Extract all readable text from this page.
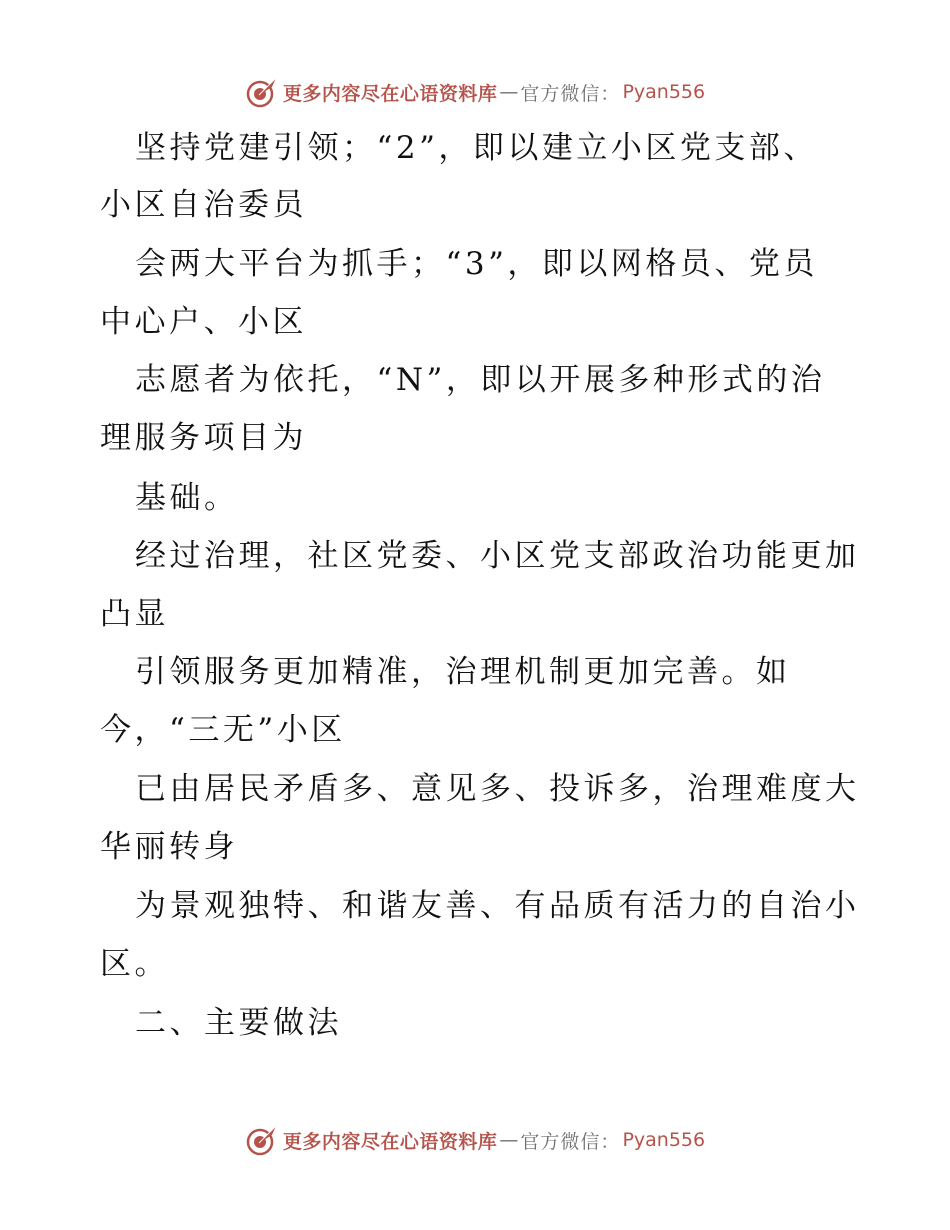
更多内容尽在心语资料库 — 官方微信： Pyan556
坚持党建引领；“2”，即以建立小区党支部、
小区自治委员
会两大平台为抓手；“3”，即以网格员、党员
中心户、小区
志愿者为依托，“N”，即以开展多种形式的治
理服务项目为
基础。
经过治理，社区党委、小区党支部政治功能更加
凸显
引领服务更加精准，治理机制更加完善。如
今，“三无”小区
已由居民矛盾多、意见多、投诉多，治理难度大
华丽转身
为景观独特、和谐友善、有品质有活力的自治小
区。
二、主要做法
更多内容尽在心语资料库 — 官方微信： Pyan556
